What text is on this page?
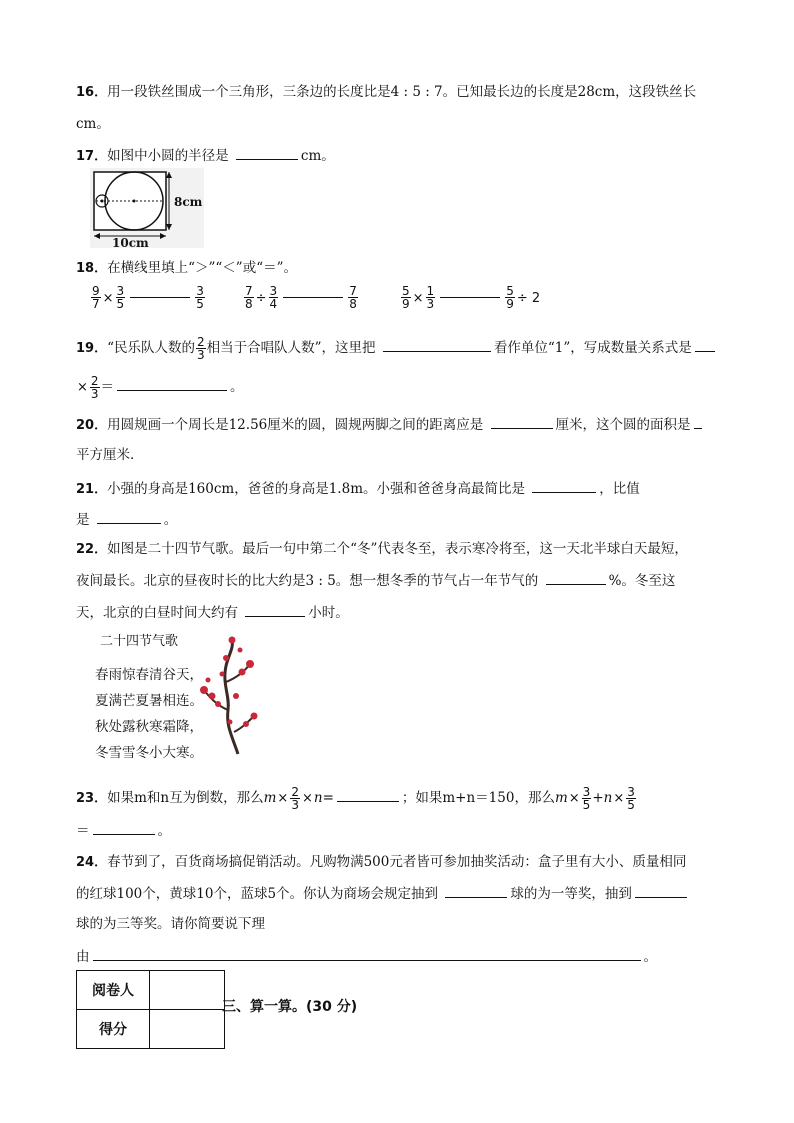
16．用一段铁丝围成一个三角形，三条边的长度比是4 : 5 : 7。已知最长边的长度是28cm，这段铁丝长
cm。
17．如图中小圆的半径是	cm。
8cm
10cm
18．在横线里填上“＞”“＜”或“＝”。
$\frac{9}{7} \times \frac{3}{5}$	$\frac{3}{5}$	$\frac{7}{8} \div \frac{3}{4}$	$\frac{7}{8}$	$\frac{5}{9} \times \frac{1}{3}$	$\frac{5}{9} \div 2$
19．“民乐队人数的 $\frac{2}{3}$ 相当于合唱队人数”，这里把	看作单位“1”，写成数量关系式是
× $\frac{2}{3}$ ＝	。
20．用圆规画一个周长是12.56厘米的圆，圆规两脚之间的距离应是	厘米，这个圆的面积是
平方厘米．
21．小强的身高是160cm，爸爸的身高是1.8m。小强和爸爸身高最简比是	，比值
是	。
22．如图是二十四节气歌。最后一句中第二个“冬”代表冬至，表示寒冷将至，这一天北半球白天最短，
夜间最长。北京的昼夜时长的比大约是3 : 5。想一想冬季的节气占一年节气的	%。冬至这
天，北京的白昼时间大约有	小时。
二十四节气歌
春雨惊春清谷天，
夏满芒夏暑相连。
秋处露秋寒霜降，
冬雪雪冬小大寒。
23．如果m和n互为倒数，那么$m\times \frac{2}{3} \times n=$	；如果m+n＝150，那么$m\times \frac{3}{5} +n\times \frac{3}{5}$
＝	。
24．春节到了，百货商场搞促销活动。凡购物满500元者皆可参加抽奖活动：盒子里有大小、质量相同
的红球100个，黄球10个，蓝球5个。你认为商场会规定抽到	球的为一等奖，抽到
球的为三等奖。请你简要说下理
由	。
阅卷人	
得分	
三、算一算。(30 分)
